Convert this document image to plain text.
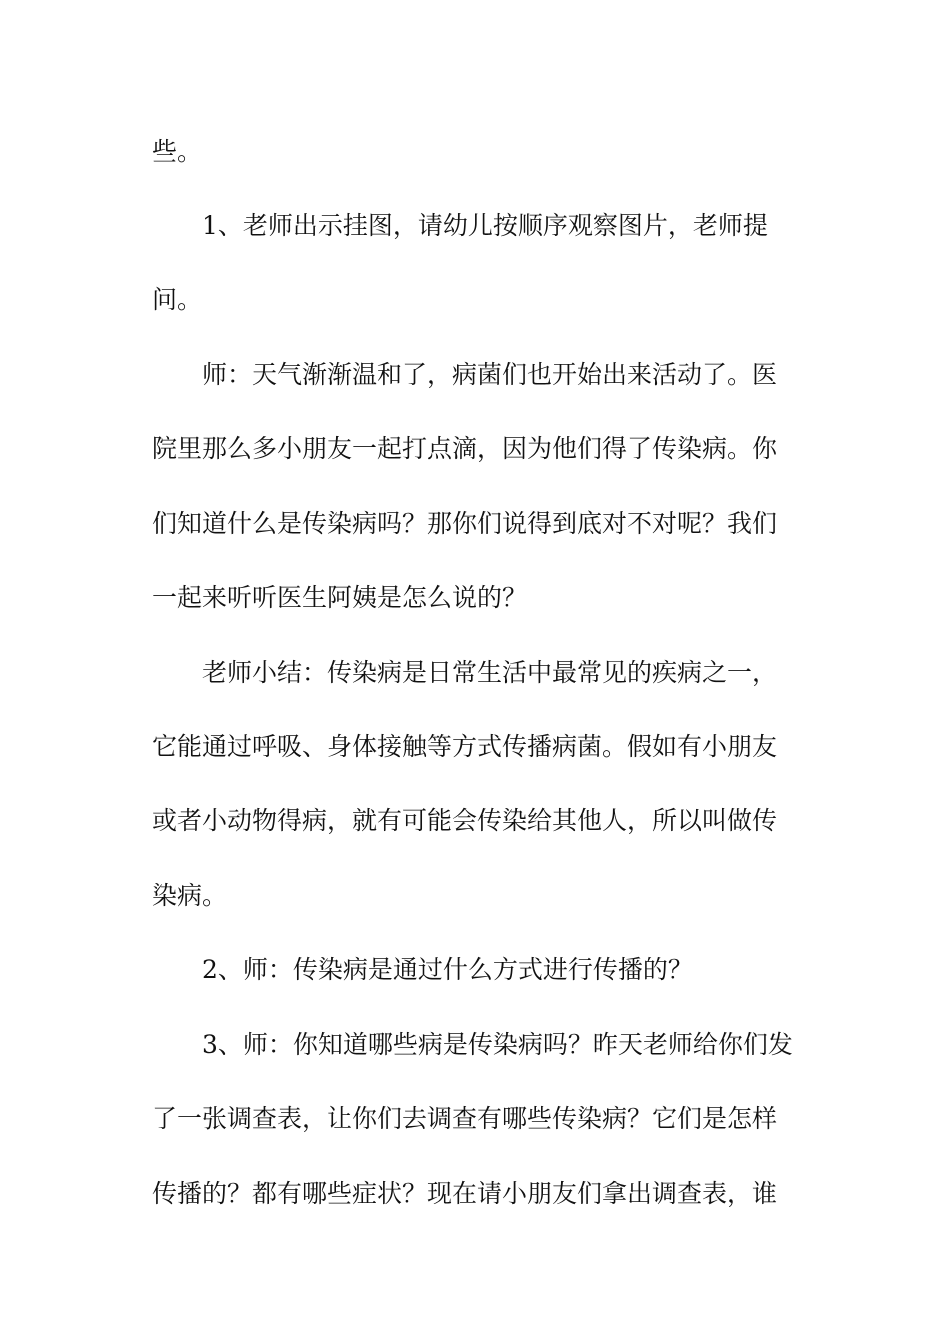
些。
1、老师出示挂图，请幼儿按顺序观察图片，老师提
问。
师：天气渐渐温和了，病菌们也开始出来活动了。医
院里那么多小朋友一起打点滴，因为他们得了传染病。你
们知道什么是传染病吗？那你们说得到底对不对呢？我们
一起来听听医生阿姨是怎么说的？
老师小结：传染病是日常生活中最常见的疾病之一，
它能通过呼吸、身体接触等方式传播病菌。假如有小朋友
或者小动物得病，就有可能会传染给其他人，所以叫做传
染病。
2、师：传染病是通过什么方式进行传播的？
3、师：你知道哪些病是传染病吗？昨天老师给你们发
了一张调查表，让你们去调查有哪些传染病？它们是怎样
传播的？都有哪些症状？现在请小朋友们拿出调查表，谁
